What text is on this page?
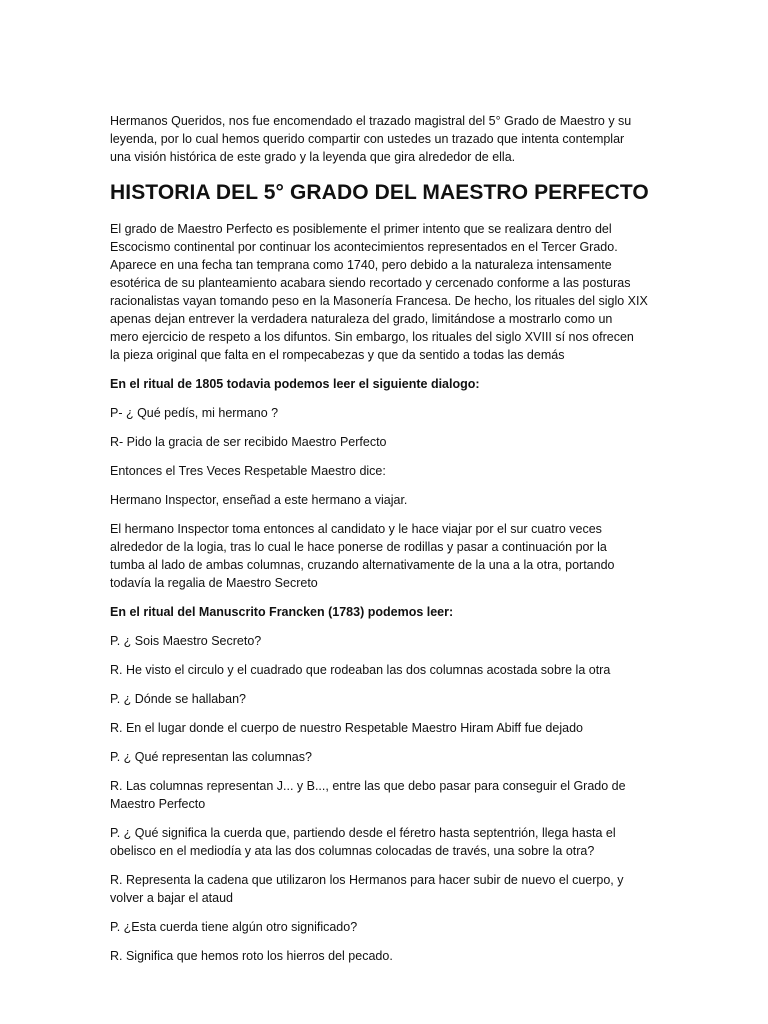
Hermanos Queridos, nos fue encomendado el trazado magistral del 5° Grado de Maestro y su
leyenda, por lo cual hemos querido compartir con ustedes un trazado que intenta contemplar
una visión histórica de este grado y la leyenda que gira alrededor de ella.

HISTORIA DEL 5° GRADO DEL MAESTRO PERFECTO

El grado de Maestro Perfecto es posiblemente el primer intento que se realizara dentro del
Escocismo continental por continuar los acontecimientos representados en el Tercer Grado.
Aparece en una fecha tan temprana como 1740, pero debido a la naturaleza intensamente
esotérica de su planteamiento acabara siendo recortado y cercenado conforme a las posturas
racionalistas vayan tomando peso en la Masonería Francesa. De hecho, los rituales del siglo XIX
apenas dejan entrever la verdadera naturaleza del grado, limitándose a mostrarlo como un
mero ejercicio de respeto a los difuntos. Sin embargo, los rituales del siglo XVIII sí nos ofrecen
la pieza original que falta en el rompecabezas y que da sentido a todas las demás

En el ritual de 1805 todavia podemos leer el siguiente dialogo:

P- ¿ Qué pedís, mi hermano ?

R- Pido la gracia de ser recibido Maestro Perfecto

Entonces el Tres Veces Respetable Maestro dice:

Hermano Inspector, enseñad a este hermano a viajar.

El hermano Inspector toma entonces al candidato y le hace viajar por el sur cuatro veces
alrededor de la logia, tras lo cual le hace ponerse de rodillas y pasar a continuación por la
tumba al lado de ambas columnas, cruzando alternativamente de la una a la otra, portando
todavía la regalia de Maestro Secreto

En el ritual del Manuscrito Francken (1783) podemos leer:

P. ¿ Sois Maestro Secreto?

R. He visto el circulo y el cuadrado que rodeaban las dos columnas acostada sobre la otra

P. ¿ Dónde se hallaban?

R. En el lugar donde el cuerpo de nuestro Respetable Maestro Hiram Abiff fue dejado

P. ¿ Qué representan las columnas?

R. Las columnas representan J... y B..., entre las que debo pasar para conseguir el Grado de
Maestro Perfecto

P. ¿ Qué significa la cuerda que, partiendo desde el féretro hasta septentrión, llega hasta el
obelisco en el mediodía y ata las dos columnas colocadas de través, una sobre la otra?

R. Representa la cadena que utilizaron los Hermanos para hacer subir de nuevo el cuerpo, y
volver a bajar el ataud

P. ¿Esta cuerda tiene algún otro significado?

R. Significa que hemos roto los hierros del pecado.
